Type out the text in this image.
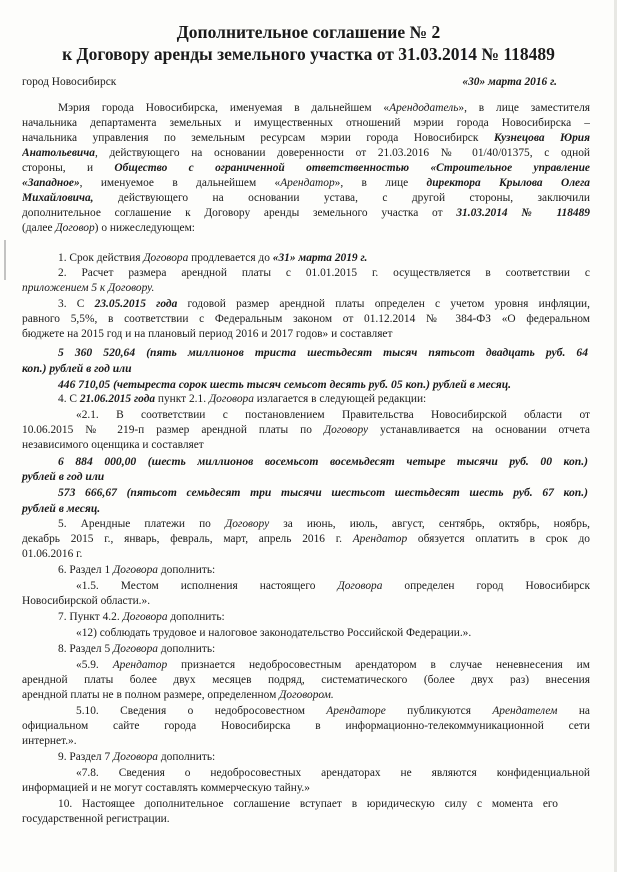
Дополнительное соглашение № 2
к Договору аренды земельного участка от 31.03.2014 № 118489
город Новосибирск	«30» марта 2016 г.
Мэрия города Новосибирска, именуемая в дальнейшем «Арендодатель», в лице заместителя
начальника департамента земельных и имущественных отношений мэрии города Новосибирска –
начальника управления по земельным ресурсам мэрии города Новосибирск Кузнецова Юрия
Анатольевича, действующего на основании доверенности от 21.03.2016 № 01/40/01375, с одной
стороны, и Общество с ограниченной ответственностью «Строительное управление
«Западное», именуемое в дальнейшем «Арендатор», в лице директора Крылова Олега
Михайловича, действующего на основании устава, с другой стороны, заключили
дополнительное соглашение к Договору аренды земельного участка от 31.03.2014 № 118489
(далее Договор) о нижеследующем:
1. Срок действия Договора продлевается до «31» марта 2019 г.
2. Расчет размера арендной платы с 01.01.2015 г. осуществляется в соответствии с
приложением 5 к Договору.
3. С 23.05.2015 года годовой размер арендной платы определен с учетом уровня инфляции,
равного 5,5%, в соответствии с Федеральным законом от 01.12.2014 № 384-ФЗ «О федеральном
бюджете на 2015 год и на плановый период 2016 и 2017 годов» и составляет
5 360 520,64 (пять миллионов триста шестьдесят тысяч пятьсот двадцать руб. 64
коп.) рублей в год или
446 710,05 (четыреста сорок шесть тысяч семьсот десять руб. 05 коп.) рублей в месяц.
4. С 21.06.2015 года пункт 2.1. Договора излагается в следующей редакции:
«2.1. В соответствии с постановлением Правительства Новосибирской области от
10.06.2015 № 219-п размер арендной платы по Договору устанавливается на основании отчета
независимого оценщика и составляет
6 884 000,00 (шесть миллионов восемьсот восемьдесят четыре тысячи руб. 00 коп.)
рублей в год или
573 666,67 (пятьсот семьдесят три тысячи шестьсот шестьдесят шесть руб. 67 коп.)
рублей в месяц.
5. Арендные платежи по Договору за июнь, июль, август, сентябрь, октябрь, ноябрь,
декабрь 2015 г., январь, февраль, март, апрель 2016 г. Арендатор обязуется оплатить в срок до
01.06.2016 г.
6. Раздел 1 Договора дополнить:
«1.5. Местом исполнения настоящего Договора определен город Новосибирск
Новосибирской области.».
7. Пункт 4.2. Договора дополнить:
«12) соблюдать трудовое и налоговое законодательство Российской Федерации.».
8. Раздел 5 Договора дополнить:
«5.9. Арендатор признается недобросовестным арендатором в случае неневнесения им
арендной платы более двух месяцев подряд, систематического (более двух раз) внесения
арендной платы не в полном размере, определенном Договором.
5.10. Сведения о недобросовестном Арендаторе публикуются Арендателем на
официальном сайте города Новосибирска в информационно-телекоммуникационной сети
интернет.».
9. Раздел 7 Договора дополнить:
«7.8. Сведения о недобросовестных арендаторах не являются конфиденциальной
информацией и не могут составлять коммерческую тайну.»
10. Настоящее дополнительное соглашение вступает в юридическую силу с момента его
государственной регистрации.
